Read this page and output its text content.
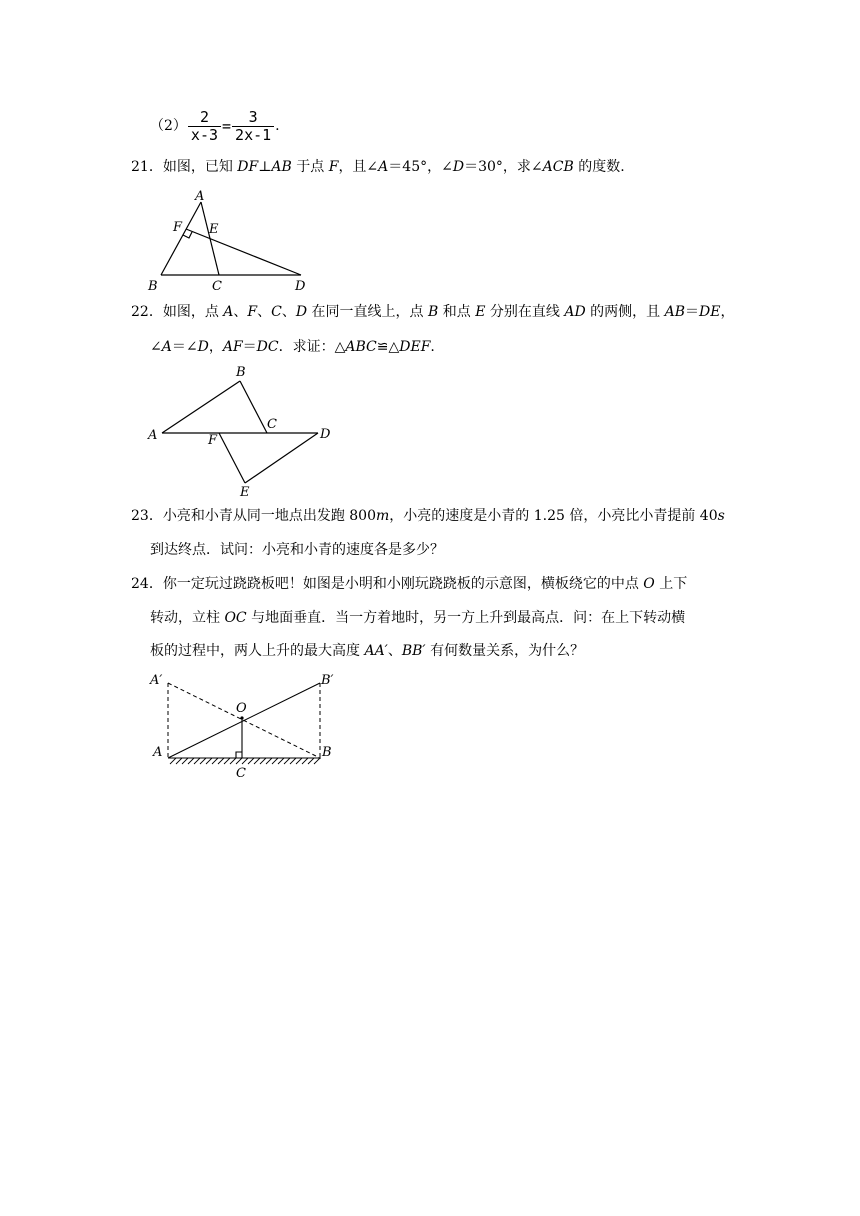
$(2) \frac{2}{x-3} = \frac{3}{2x-1}$ .
21．如图，已知 DF⊥AB 于点 F，且∠A＝45°，∠D＝30°，求∠ACB 的度数.
A
F E
B	C	D
22．如图，点 A、F、C、D 在同一直线上，点 B 和点 E 分别在直线 AD 的两侧，且 AB＝DE，
∠A＝∠D，AF＝DC．求证：△ABC≌△DEF.
B
A	F
C
D
E
23．小亮和小青从同一地点出发跑 800m，小亮的速度是小青的 1.25 倍，小亮比小青提前 40s
到达终点．试问：小亮和小青的速度各是多少？
24．你一定玩过跷跷板吧！如图是小明和小刚玩跷跷板的示意图，横板绕它的中点 O 上下
转动，立柱 OC 与地面垂直．当一方着地时，另一方上升到最高点．问：在上下转动横
板的过程中，两人上升的最大高度 AA′、BB′ 有何数量关系，为什么？
A′	B′
O
A	B
C
